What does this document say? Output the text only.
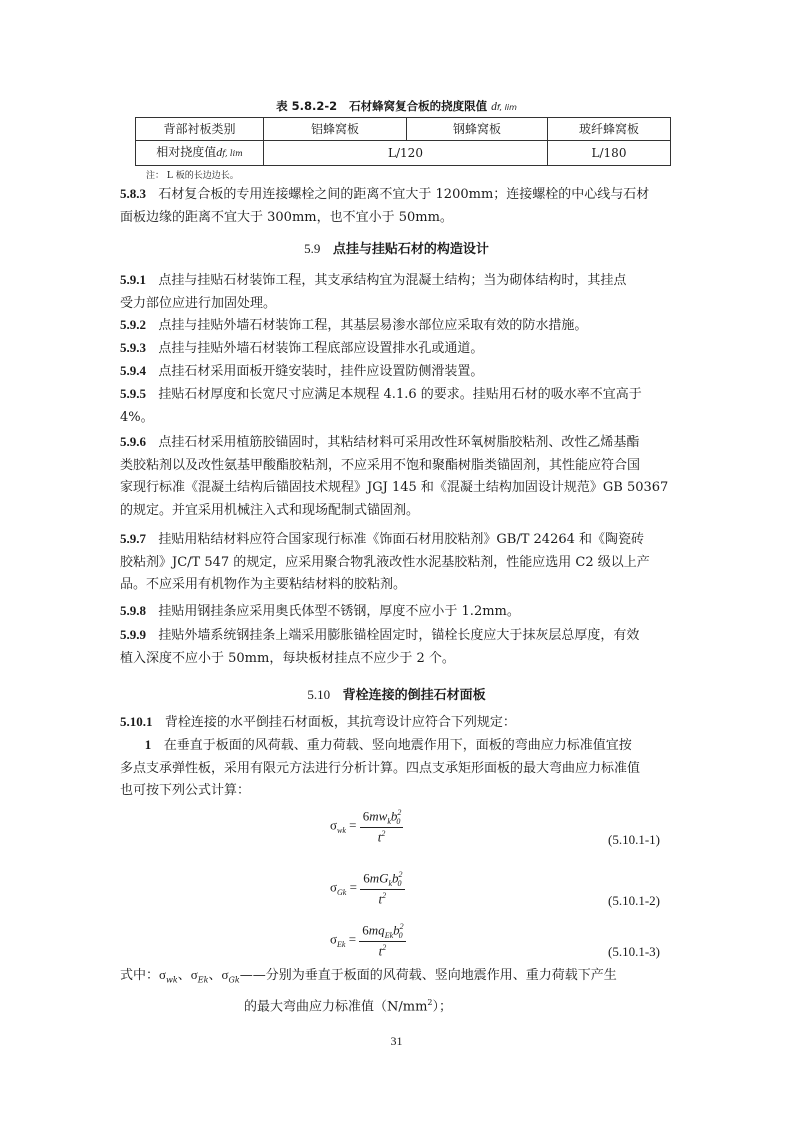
表 5.8.2-2 石材蜂窝复合板的挠度限值 df, lim
背部衬板类别	铝蜂窝板	钢蜂窝板	玻纤蜂窝板
相对挠度值df, lim	L/120		L/180
注： L 板的长边边长。
5.8.3 石材复合板的专用连接螺栓之间的距离不宜大于 1200mm；连接螺栓的中心线与石材
面板边缘的距离不宜大于 300mm，也不宜小于 50mm。
5.9 点挂与挂贴石材的构造设计
5.9.1 点挂与挂贴石材装饰工程，其支承结构宜为混凝土结构；当为砌体结构时，其挂点
受力部位应进行加固处理。
5.9.2 点挂与挂贴外墙石材装饰工程，其基层易渗水部位应采取有效的防水措施。
5.9.3 点挂与挂贴外墙石材装饰工程底部应设置排水孔或通道。
5.9.4 点挂石材采用面板开缝安装时，挂件应设置防侧滑装置。
5.9.5 挂贴石材厚度和长宽尺寸应满足本规程 4.1.6 的要求。挂贴用石材的吸水率不宜高于
4%。
5.9.6 点挂石材采用植筋胶锚固时，其粘结材料可采用改性环氧树脂胶粘剂、改性乙烯基酯
类胶粘剂以及改性氨基甲酸酯胶粘剂，不应采用不饱和聚酯树脂类锚固剂，其性能应符合国
家现行标准《混凝土结构后锚固技术规程》JGJ 145 和《混凝土结构加固设计规范》GB 50367
的规定。并宜采用机械注入式和现场配制式锚固剂。
5.9.7 挂贴用粘结材料应符合国家现行标准《饰面石材用胶粘剂》GB/T 24264 和《陶瓷砖
胶粘剂》JC/T 547 的规定，应采用聚合物乳液改性水泥基胶粘剂，性能应选用 C2 级以上产
品。不应采用有机物作为主要粘结材料的胶粘剂。
5.9.8 挂贴用钢挂条应采用奥氏体型不锈钢，厚度不应小于 1.2mm。
5.9.9 挂贴外墙系统钢挂条上端采用膨胀锚栓固定时，锚栓长度应大于抹灰层总厚度，有效
植入深度不应小于 50mm，每块板材挂点不应少于 2 个。
5.10 背栓连接的倒挂石材面板
5.10.1 背栓连接的水平倒挂石材面板，其抗弯设计应符合下列规定：
1 在垂直于板面的风荷载、重力荷载、竖向地震作用下，面板的弯曲应力标准值宜按
多点支承弹性板，采用有限元方法进行分析计算。四点支承矩形面板的最大弯曲应力标准值
也可按下列公式计算：
$\sigma_{wk} = \frac{6mw_kb^2_0}{t^2}$	(5.10.1-1)
$\sigma_{Gk} = \frac{6mG_kb^2_0}{t^2}$	(5.10.1-2)
$\sigma_{Ek} = \frac{6mq_{Ek}b^2_0}{t^2}$	(5.10.1-3)
式中：$\sigma_{wk}$、$\sigma_{Ek}$、$\sigma_{Gk}——$分别为垂直于板面的风荷载、竖向地震作用、重力荷载下产生
的最大弯曲应力标准值$(N/mm^2)$；
31
